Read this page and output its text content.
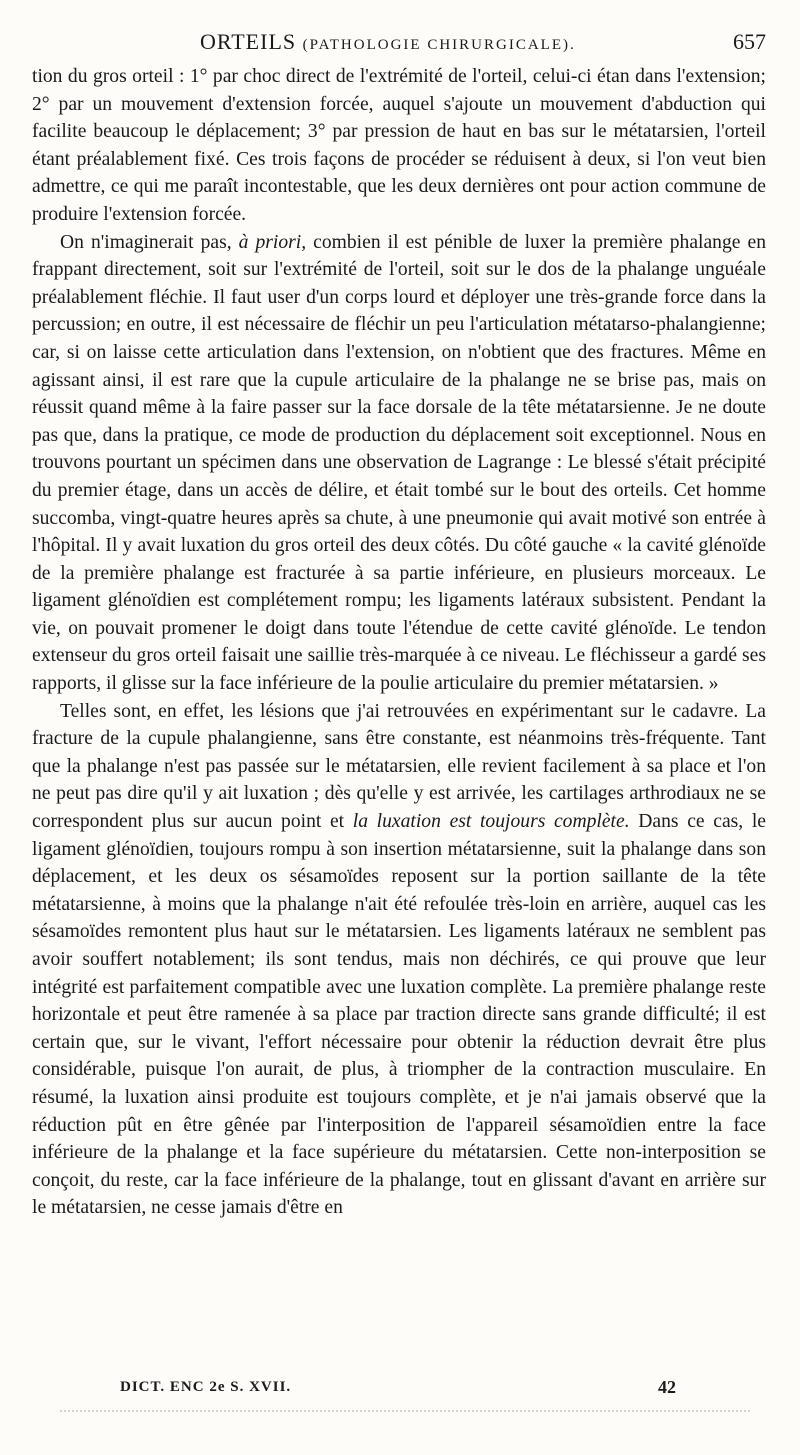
ORTEILS (PATHOLOGIE CHIRURGICALE).	657

tion du gros orteil : 1° par choc direct de l'extrémité de l'orteil, celui-ci étan dans l'extension; 2° par un mouvement d'extension forcée, auquel s'ajoute un mouvement d'abduction qui facilite beaucoup le déplacement; 3° par pression de haut en bas sur le métatarsien, l'orteil étant préalablement fixé. Ces trois façons de procéder se réduisent à deux, si l'on veut bien admettre, ce qui me paraît incontestable, que les deux dernières ont pour action commune de produire l'extension forcée.

On n'imaginerait pas, à priori, combien il est pénible de luxer la première phalange en frappant directement, soit sur l'extrémité de l'orteil, soit sur le dos de la phalange unguéale préalablement fléchie. Il faut user d'un corps lourd et déployer une très-grande force dans la percussion; en outre, il est nécessaire de fléchir un peu l'articulation métatarso-phalangienne; car, si on laisse cette articulation dans l'extension, on n'obtient que des fractures. Même en agissant ainsi, il est rare que la cupule articulaire de la phalange ne se brise pas, mais on réussit quand même à la faire passer sur la face dorsale de la tête métatarsienne. Je ne doute pas que, dans la pratique, ce mode de production du déplacement soit exceptionnel. Nous en trouvons pourtant un spécimen dans une observation de Lagrange : Le blessé s'était précipité du premier étage, dans un accès de délire, et était tombé sur le bout des orteils. Cet homme succomba, vingt-quatre heures après sa chute, à une pneumonie qui avait motivé son entrée à l'hôpital. Il y avait luxation du gros orteil des deux côtés. Du côté gauche « la cavité glénoïde de la première phalange est fracturée à sa partie inférieure, en plusieurs morceaux. Le ligament glénoïdien est complétement rompu; les ligaments latéraux subsistent. Pendant la vie, on pouvait promener le doigt dans toute l'étendue de cette cavité glénoïde. Le tendon extenseur du gros orteil faisait une saillie très-marquée à ce niveau. Le fléchisseur a gardé ses rapports, il glisse sur la face inférieure de la poulie articulaire du premier métatarsien. »

Telles sont, en effet, les lésions que j'ai retrouvées en expérimentant sur le cadavre. La fracture de la cupule phalangienne, sans être constante, est néanmoins très-fréquente. Tant que la phalange n'est pas passée sur le métatarsien, elle revient facilement à sa place et l'on ne peut pas dire qu'il y ait luxation ; dès qu'elle y est arrivée, les cartilages arthrodiaux ne se correspondent plus sur aucun point et la luxation est toujours complète. Dans ce cas, le ligament glénoïdien, toujours rompu à son insertion métatarsienne, suit la phalange dans son déplacement, et les deux os sésamoïdes reposent sur la portion saillante de la tête métatarsienne, à moins que la phalange n'ait été refoulée très-loin en arrière, auquel cas les sésamoïdes remontent plus haut sur le métatarsien. Les ligaments latéraux ne semblent pas avoir souffert notablement; ils sont tendus, mais non déchirés, ce qui prouve que leur intégrité est parfaitement compatible avec une luxation complète. La première phalange reste horizontale et peut être ramenée à sa place par traction directe sans grande difficulté; il est certain que, sur le vivant, l'effort nécessaire pour obtenir la réduction devrait être plus considérable, puisque l'on aurait, de plus, à triompher de la contraction musculaire. En résumé, la luxation ainsi produite est toujours complète, et je n'ai jamais observé que la réduction pût en être gênée par l'interposition de l'appareil sésamoïdien entre la face inférieure de la phalange et la face supérieure du métatarsien. Cette non-interposition se conçoit, du reste, car la face inférieure de la phalange, tout en glissant d'avant en arrière sur le métatarsien, ne cesse jamais d'être en

DICT. ENC 2e S. XVII.	42
